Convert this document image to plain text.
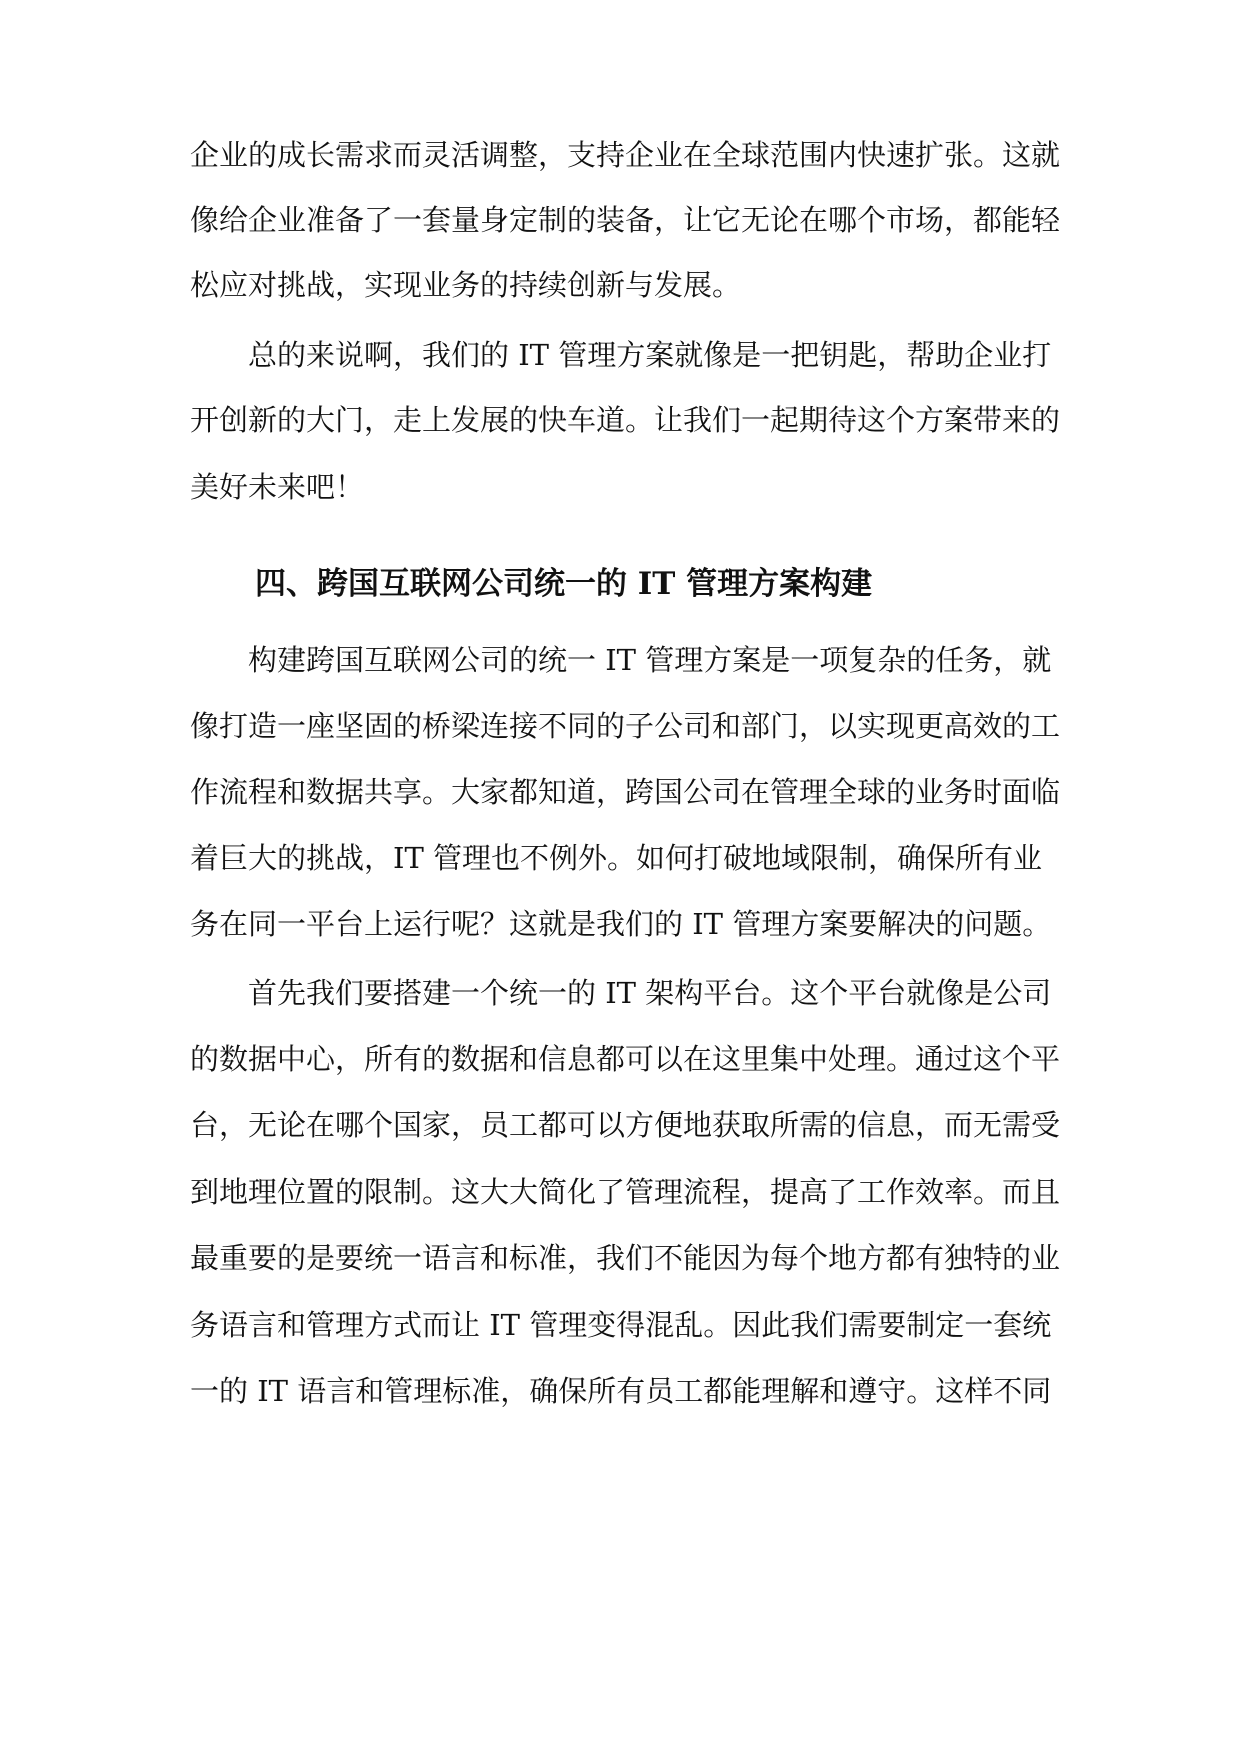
企业的成长需求而灵活调整，支持企业在全球范围内快速扩张。这就
像给企业准备了一套量身定制的装备，让它无论在哪个市场，都能轻
松应对挑战，实现业务的持续创新与发展。
总的来说啊，我们的 IT 管理方案就像是一把钥匙，帮助企业打
开创新的大门，走上发展的快车道。让我们一起期待这个方案带来的
美好未来吧！
四、跨国互联网公司统一的 IT 管理方案构建
构建跨国互联网公司的统一 IT 管理方案是一项复杂的任务，就
像打造一座坚固的桥梁连接不同的子公司和部门，以实现更高效的工
作流程和数据共享。大家都知道，跨国公司在管理全球的业务时面临
着巨大的挑战，IT 管理也不例外。如何打破地域限制，确保所有业
务在同一平台上运行呢？这就是我们的 IT 管理方案要解决的问题。
首先我们要搭建一个统一的 IT 架构平台。这个平台就像是公司
的数据中心，所有的数据和信息都可以在这里集中处理。通过这个平
台，无论在哪个国家，员工都可以方便地获取所需的信息，而无需受
到地理位置的限制。这大大简化了管理流程，提高了工作效率。而且
最重要的是要统一语言和标准，我们不能因为每个地方都有独特的业
务语言和管理方式而让 IT 管理变得混乱。因此我们需要制定一套统
一的 IT 语言和管理标准，确保所有员工都能理解和遵守。这样不同
